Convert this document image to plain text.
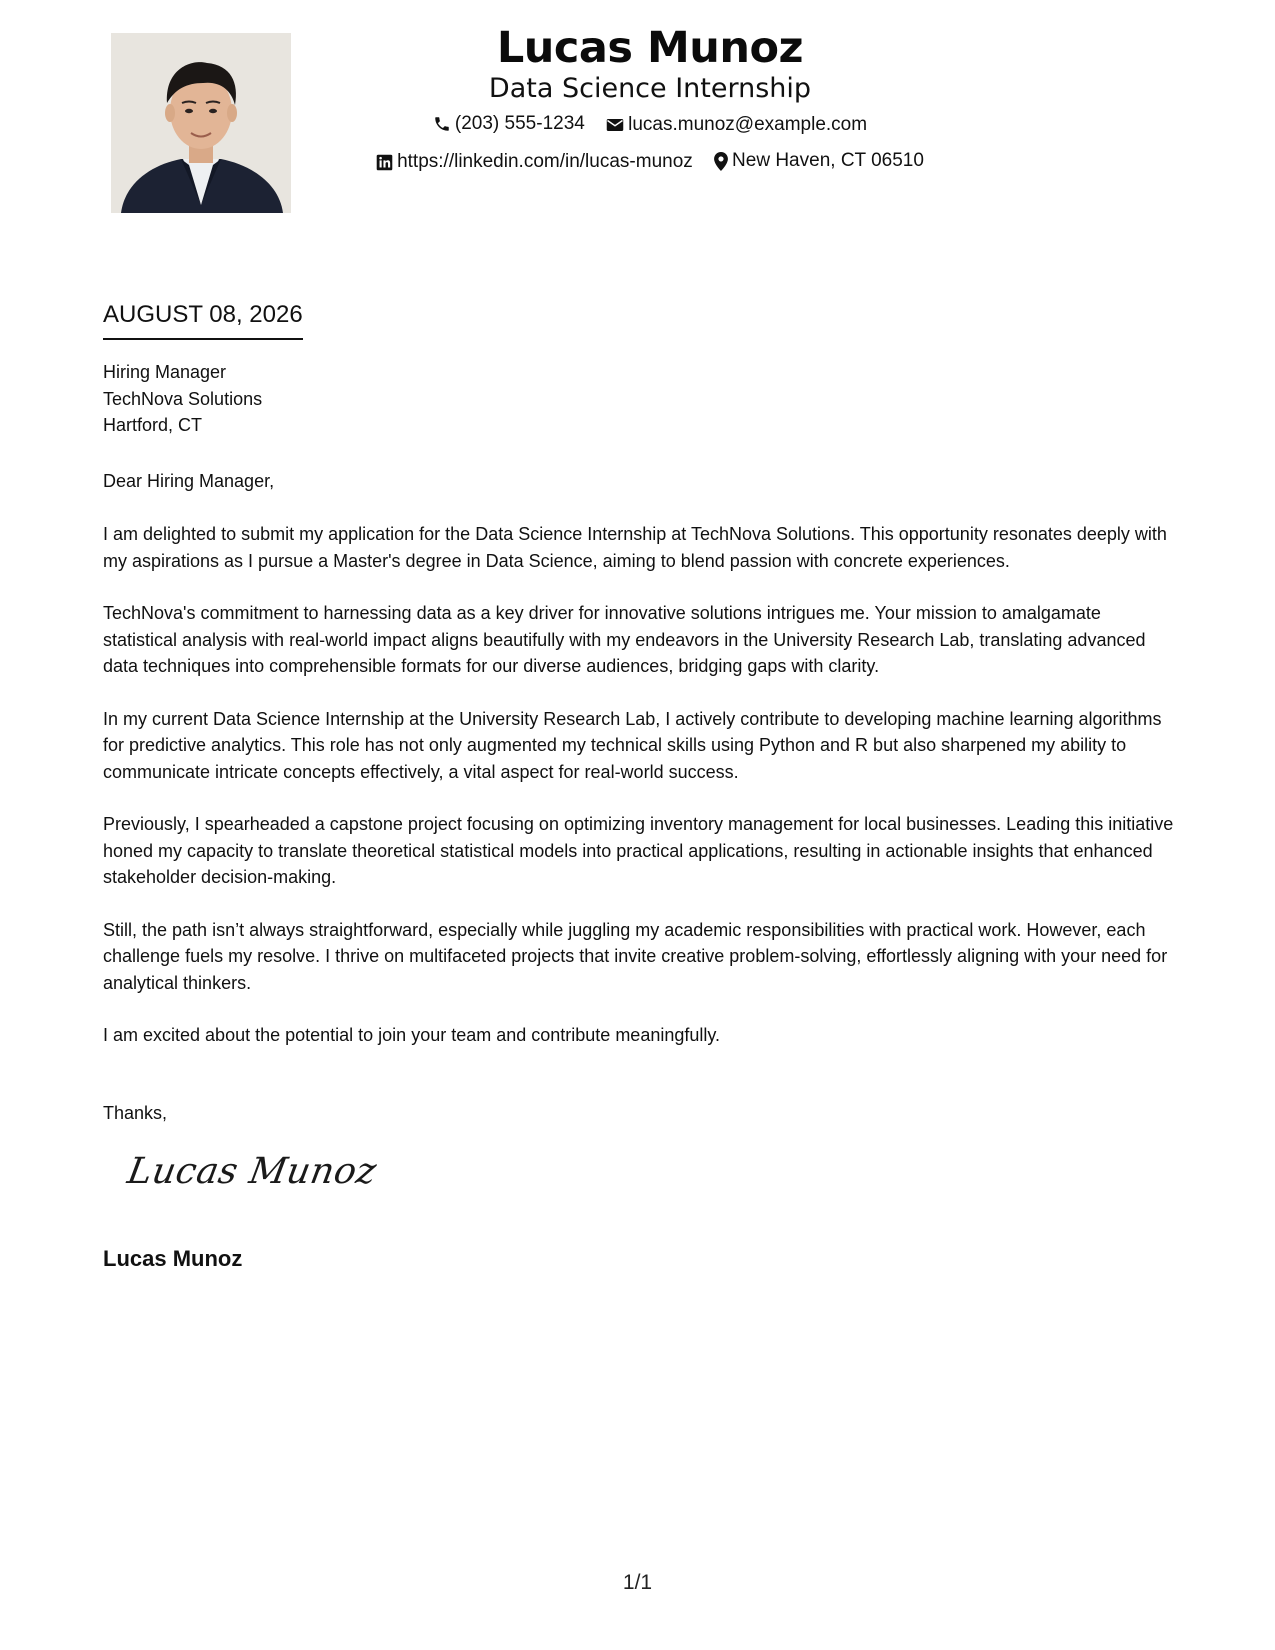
Lucas Munoz
Data Science Internship
(203) 555-1234
lucas.munoz@example.com
https://linkedin.com/in/lucas-munoz
New Haven, CT 06510
AUGUST 08, 2026
Hiring Manager
TechNova Solutions
Hartford, CT
Dear Hiring Manager,

I am delighted to submit my application for the Data Science Internship at TechNova Solutions. This opportunity resonates deeply with my aspirations as I pursue a Master's degree in Data Science, aiming to blend passion with concrete experiences.

TechNova's commitment to harnessing data as a key driver for innovative solutions intrigues me. Your mission to amalgamate statistical analysis with real-world impact aligns beautifully with my endeavors in the University Research Lab, translating advanced data techniques into comprehensible formats for our diverse audiences, bridging gaps with clarity.

In my current Data Science Internship at the University Research Lab, I actively contribute to developing machine learning algorithms for predictive analytics. This role has not only augmented my technical skills using Python and R but also sharpened my ability to communicate intricate concepts effectively, a vital aspect for real-world success.

Previously, I spearheaded a capstone project focusing on optimizing inventory management for local businesses. Leading this initiative honed my capacity to translate theoretical statistical models into practical applications, resulting in actionable insights that enhanced stakeholder decision-making.

Still, the path isn’t always straightforward, especially while juggling my academic responsibilities with practical work. However, each challenge fuels my resolve. I thrive on multifaceted projects that invite creative problem-solving, effortlessly aligning with your need for analytical thinkers.

I am excited about the potential to join your team and contribute meaningfully.

Thanks,
Lucas Munoz
Lucas Munoz
1/1
